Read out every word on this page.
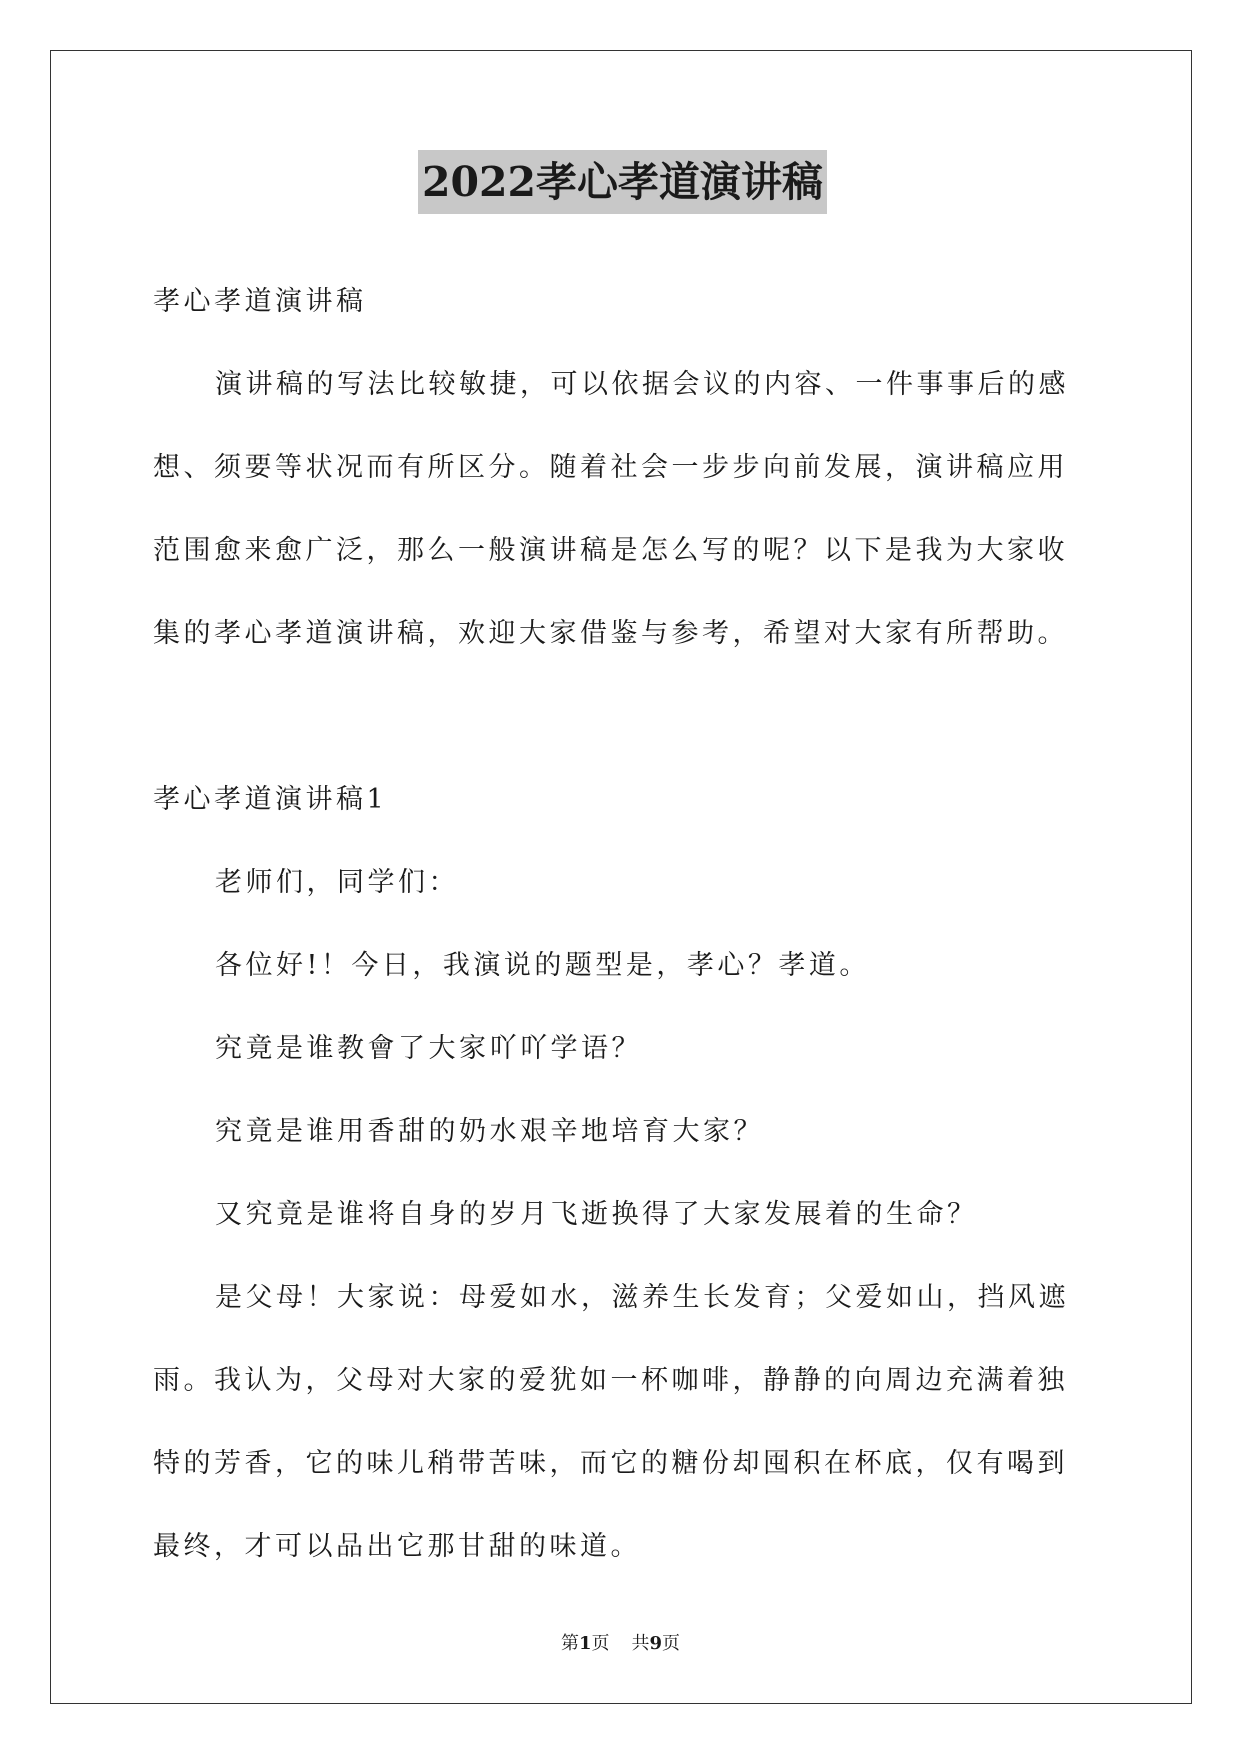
2022孝心孝道演讲稿
孝心孝道演讲稿
演讲稿的写法比较敏捷，可以依据会议的内容、一件事事后的感
想、须要等状况而有所区分。随着社会一步步向前发展，演讲稿应用
范围愈来愈广泛，那么一般演讲稿是怎么写的呢？以下是我为大家收
集的孝心孝道演讲稿，欢迎大家借鉴与参考，希望对大家有所帮助。
孝心孝道演讲稿1
老师们，同学们：
各位好!！今日，我演说的题型是，孝心？孝道。
究竟是谁教會了大家吖吖学语？
究竟是谁用香甜的奶水艰辛地培育大家？
又究竟是谁将自身的岁月飞逝换得了大家发展着的生命？
是父母！大家说：母爱如水，滋养生长发育；父爱如山，挡风遮
雨。我认为，父母对大家的爱犹如一杯咖啡，静静的向周边充满着独
特的芳香，它的味儿稍带苦味，而它的糖份却囤积在杯底，仅有喝到
最终，才可以品出它那甘甜的味道。
第1页 共9页
